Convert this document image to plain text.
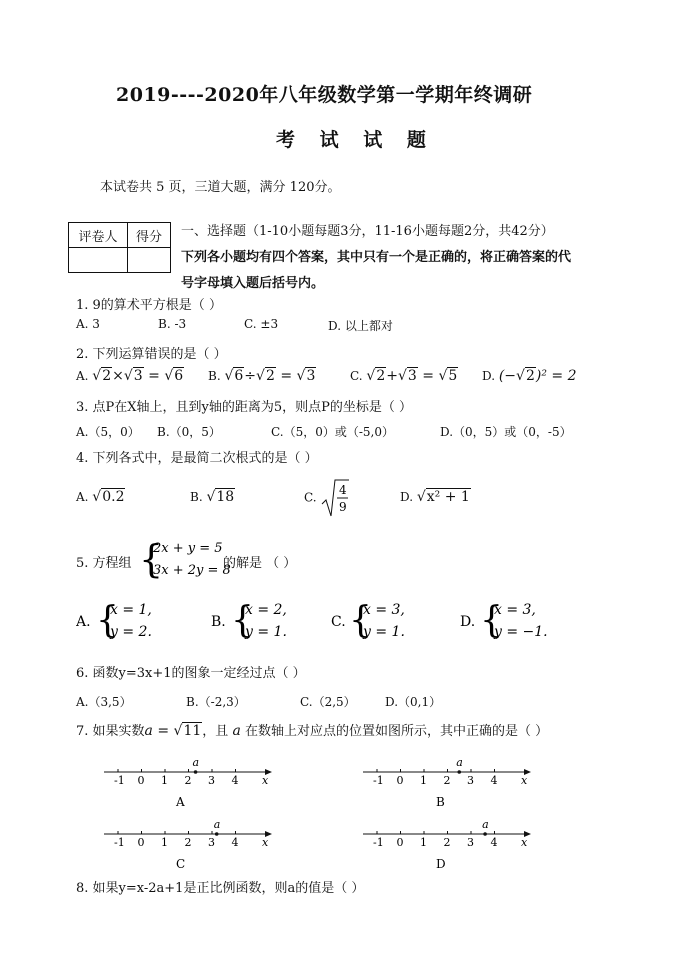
2019----2020年八年级数学第一学期年终调研
考 试 试 题
本试卷共 5 页，三道大题，满分 120分。
评卷人	得分
	一、选择题（1-10小题每题3分，11-16小题每题2分，共42分）
下列各小题均有四个答案，其中只有一个是正确的，将正确答案的代
号字母填入题后括号内。
1. 9的算术平方根是（ ）
A. 3	B. -3	C. ±3	D. 以上都对
2. 下列运算错误的是（ ）
A. √2×√3 = √6 B. √6÷√2 = √3	C. √2+√3 = √5 D. (−√2)² = 2
3. 点P在X轴上，且到y轴的距离为5，则点P的坐标是（ ）
A.（5，0） B.（0，5）	C.（5，0）或（-5,0）	D.（0，5）或（0，-5）
4. 下列各式中，是最简二次根式的是（ ）
A. √0.2	B. √18	C.
4
9
D. √x² + 1
5. 方程组 {
2x + y = 5
3x + 2y = 8
的解是 （ ）
A. {
x = 1,
y = 2.
B. {
x = 2,
y = 1.
C. {
x = 3,
y = 1.
D. {
x = 3,
y = −1.
6. 函数y=3x+1的图象一定经过点（ ）
A.（3,5）	B.（-2,3）	C.（2,5） D.（0,1）
7. 如果实数a = √11，且 a 在数轴上对应点的位置如图所示，其中正确的是（ ）
-1 0 1 2 3 4 x
a
A
-1 0 1 2 3 4 x
a
B
-1 0 1 2 3 4 x
a
C
-1 0 1 2 3 4 x
a
D
8. 如果y=x-2a+1是正比例函数，则a的值是（ ）
